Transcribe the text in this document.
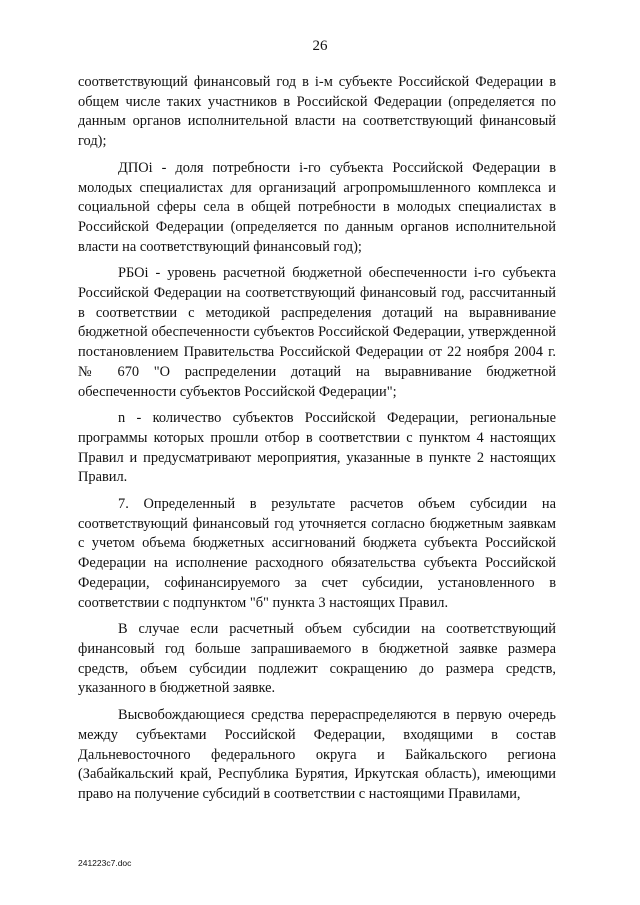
26

соответствующий финансовый год в i-м субъекте Российской Федерации в общем числе таких участников в Российской Федерации (определяется по данным органов исполнительной власти на соответствующий финансовый год);

ДПОi - доля потребности i-го субъекта Российской Федерации в молодых специалистах для организаций агропромышленного комплекса и социальной сферы села в общей потребности в молодых специалистах в Российской Федерации (определяется по данным органов исполнительной власти на соответствующий финансовый год);

РБОi - уровень расчетной бюджетной обеспеченности i-го субъекта Российской Федерации на соответствующий финансовый год, рассчитанный в соответствии с методикой распределения дотаций на выравнивание бюджетной обеспеченности субъектов Российской Федерации, утвержденной постановлением Правительства Российской Федерации от 22 ноября 2004 г. № 670 "О распределении дотаций на выравнивание бюджетной обеспеченности субъектов Российской Федерации";

n - количество субъектов Российской Федерации, региональные программы которых прошли отбор в соответствии с пунктом 4 настоящих Правил и предусматривают мероприятия, указанные в пункте 2 настоящих Правил.

7. Определенный в результате расчетов объем субсидии на соответствующий финансовый год уточняется согласно бюджетным заявкам с учетом объема бюджетных ассигнований бюджета субъекта Российской Федерации на исполнение расходного обязательства субъекта Российской Федерации, софинансируемого за счет субсидии, установленного в соответствии с подпунктом "б" пункта 3 настоящих Правил.

В случае если расчетный объем субсидии на соответствующий финансовый год больше запрашиваемого в бюджетной заявке размера средств, объем субсидии подлежит сокращению до размера средств, указанного в бюджетной заявке.

Высвобождающиеся средства перераспределяются в первую очередь между субъектами Российской Федерации, входящими в состав Дальневосточного федерального округа и Байкальского региона (Забайкальский край, Республика Бурятия, Иркутская область), имеющими право на получение субсидий в соответствии с настоящими Правилами,

241223c7.doc
